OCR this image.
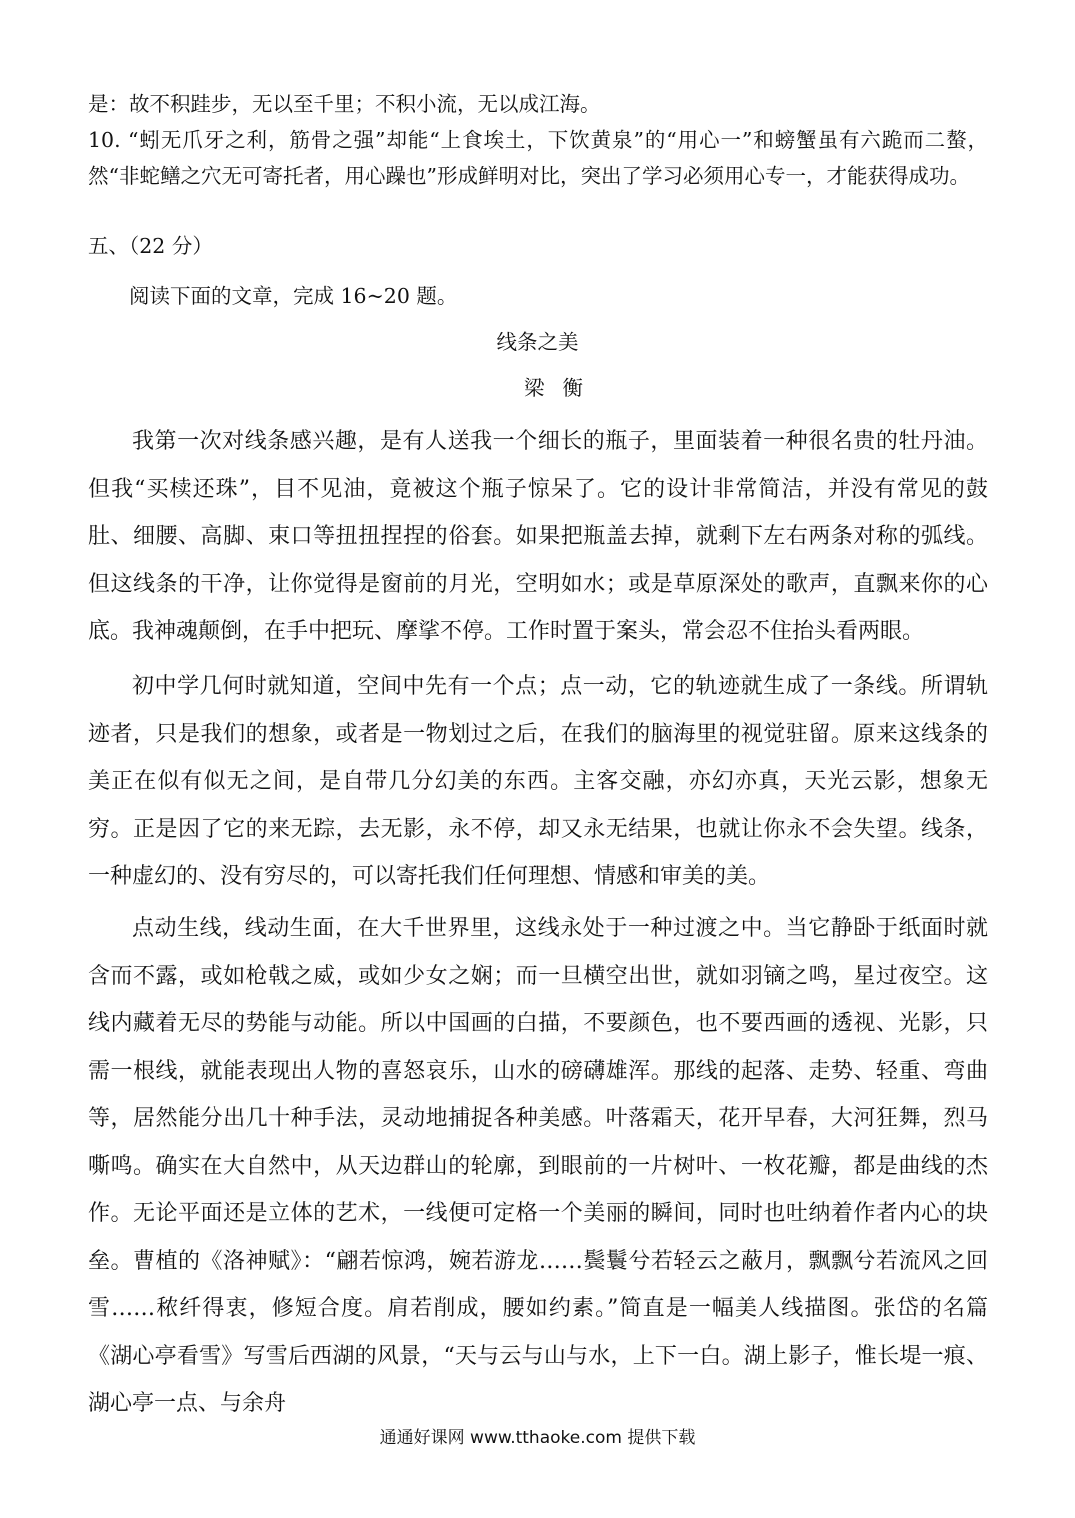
是：故不积跬步，无以至千里；不积小流，无以成江海。

10. “蚓无爪牙之利，筋骨之强”却能“上食埃土，下饮黄泉”的“用心一”和螃蟹虽有六跪而二螯，然“非蛇鳝之穴无可寄托者，用心躁也”形成鲜明对比，突出了学习必须用心专一，才能获得成功。

五、（22 分）
阅读下面的文章，完成 16~20 题。
线条之美
梁衡

我第一次对线条感兴趣，是有人送我一个细长的瓶子，里面装着一种很名贵的牡丹油。但我“买椟还珠”，目不见油，竟被这个瓶子惊呆了。它的设计非常简洁，并没有常见的鼓肚、细腰、高脚、束口等扭扭捏捏的俗套。如果把瓶盖去掉，就剩下左右两条对称的弧线。但这线条的干净，让你觉得是窗前的月光，空明如水；或是草原深处的歌声，直飘来你的心底。我神魂颠倒，在手中把玩、摩挲不停。工作时置于案头，常会忍不住抬头看两眼。

初中学几何时就知道，空间中先有一个点；点一动，它的轨迹就生成了一条线。所谓轨迹者，只是我们的想象，或者是一物划过之后，在我们的脑海里的视觉驻留。原来这线条的美正在似有似无之间，是自带几分幻美的东西。主客交融，亦幻亦真，天光云影，想象无穷。正是因了它的来无踪，去无影，永不停，却又永无结果，也就让你永不会失望。线条，一种虚幻的、没有穷尽的，可以寄托我们任何理想、情感和审美的美。

点动生线，线动生面，在大千世界里，这线永处于一种过渡之中。当它静卧于纸面时就含而不露，或如枪戟之威，或如少女之娴；而一旦横空出世，就如羽镝之鸣，星过夜空。这线内藏着无尽的势能与动能。所以中国画的白描，不要颜色，也不要西画的透视、光影，只需一根线，就能表现出人物的喜怒哀乐，山水的磅礴雄浑。那线的起落、走势、轻重、弯曲等，居然能分出几十种手法，灵动地捕捉各种美感。叶落霜天，花开早春，大河狂舞，烈马嘶鸣。确实在大自然中，从天边群山的轮廓，到眼前的一片树叶、一枚花瓣，都是曲线的杰作。无论平面还是立体的艺术，一线便可定格一个美丽的瞬间，同时也吐纳着作者内心的块垒。曹植的《洛神赋》：“翩若惊鸿，婉若游龙……鬓鬟兮若轻云之蔽月，飘飘兮若流风之回雪……秾纤得衷，修短合度。肩若削成，腰如约素。”简直是一幅美人线描图。张岱的名篇《湖心亭看雪》写雪后西湖的风景，“天与云与山与水，上下一白。湖上影子，惟长堤一痕、湖心亭一点、与余舟

通通好课网 www.tthaoke.com 提供下载
